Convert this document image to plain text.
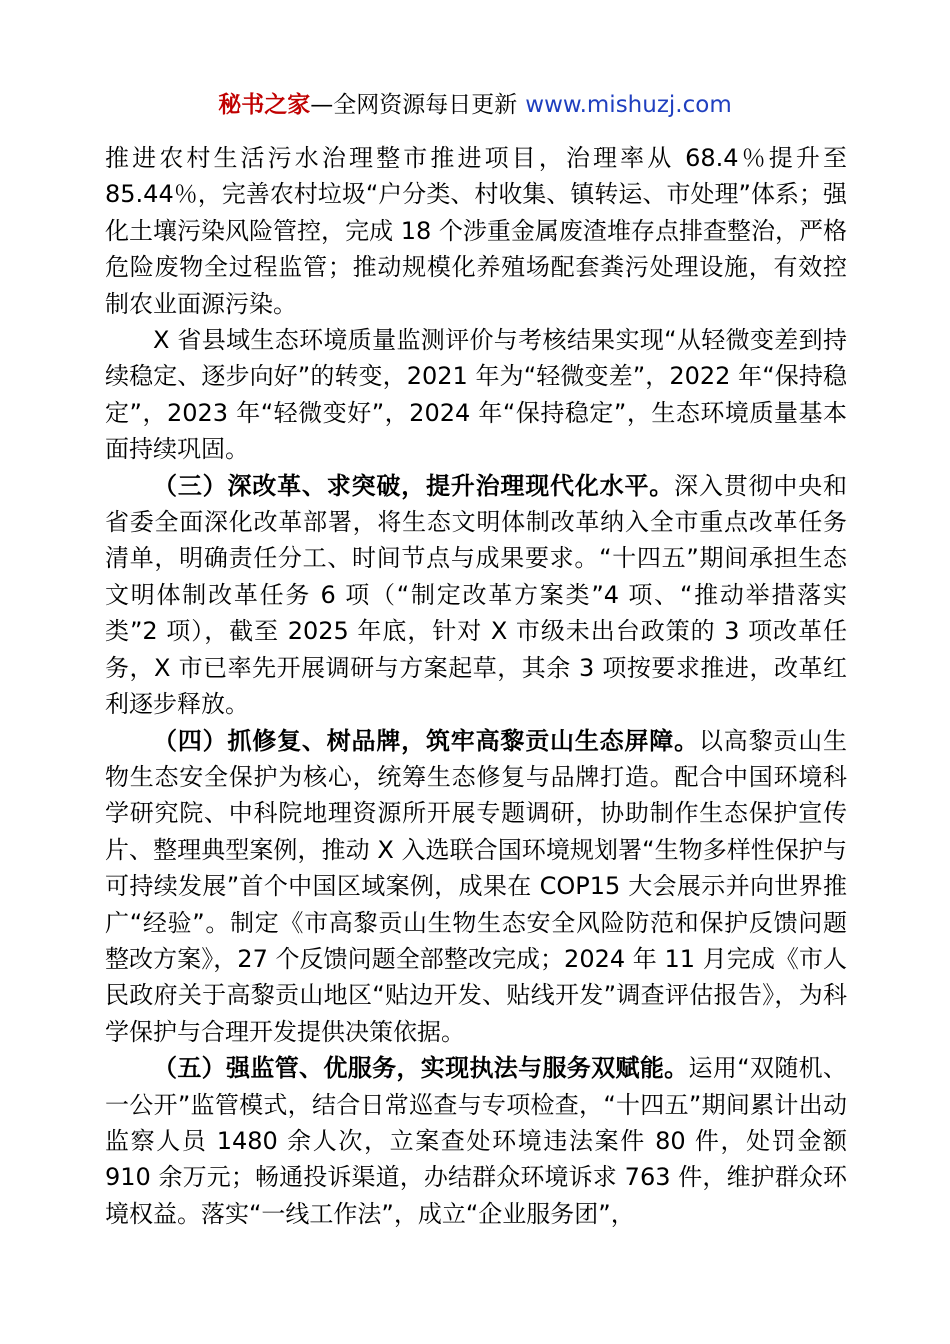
秘书之家—全网资源每日更新 www.mishuzj.com

推进农村生活污水治理整市推进项目，治理率从 68.4％提升至 85.44％，完善农村垃圾“户分类、村收集、镇转运、市处理”体系；强化土壤污染风险管控，完成 18 个涉重金属废渣堆存点排查整治，严格危险废物全过程监管；推动规模化养殖场配套粪污处理设施，有效控制农业面源污染。

X 省县域生态环境质量监测评价与考核结果实现“从轻微变差到持续稳定、逐步向好”的转变，2021 年为“轻微变差”，2022 年“保持稳定”，2023 年“轻微变好”，2024 年“保持稳定”，生态环境质量基本面持续巩固。

（三）深改革、求突破，提升治理现代化水平。深入贯彻中央和省委全面深化改革部署，将生态文明体制改革纳入全市重点改革任务清单，明确责任分工、时间节点与成果要求。“十四五”期间承担生态文明体制改革任务 6 项（“制定改革方案类”4 项、“推动举措落实类”2 项），截至 2025 年底，针对 X 市级未出台政策的 3 项改革任务，X 市已率先开展调研与方案起草，其余 3 项按要求推进，改革红利逐步释放。

（四）抓修复、树品牌，筑牢高黎贡山生态屏障。以高黎贡山生物生态安全保护为核心，统筹生态修复与品牌打造。配合中国环境科学研究院、中科院地理资源所开展专题调研，协助制作生态保护宣传片、整理典型案例，推动 X 入选联合国环境规划署“生物多样性保护与可持续发展”首个中国区域案例，成果在 COP15 大会展示并向世界推广“经验”。制定《市高黎贡山生物生态安全风险防范和保护反馈问题整改方案》，27 个反馈问题全部整改完成；2024 年 11 月完成《市人民政府关于高黎贡山地区“贴边开发、贴线开发”调查评估报告》，为科学保护与合理开发提供决策依据。

（五）强监管、优服务，实现执法与服务双赋能。运用“双随机、一公开”监管模式，结合日常巡查与专项检查，“十四五”期间累计出动监察人员 1480 余人次，立案查处环境违法案件 80 件，处罚金额 910 余万元；畅通投诉渠道，办结群众环境诉求 763 件，维护群众环境权益。落实“一线工作法”，成立“企业服务团”，
